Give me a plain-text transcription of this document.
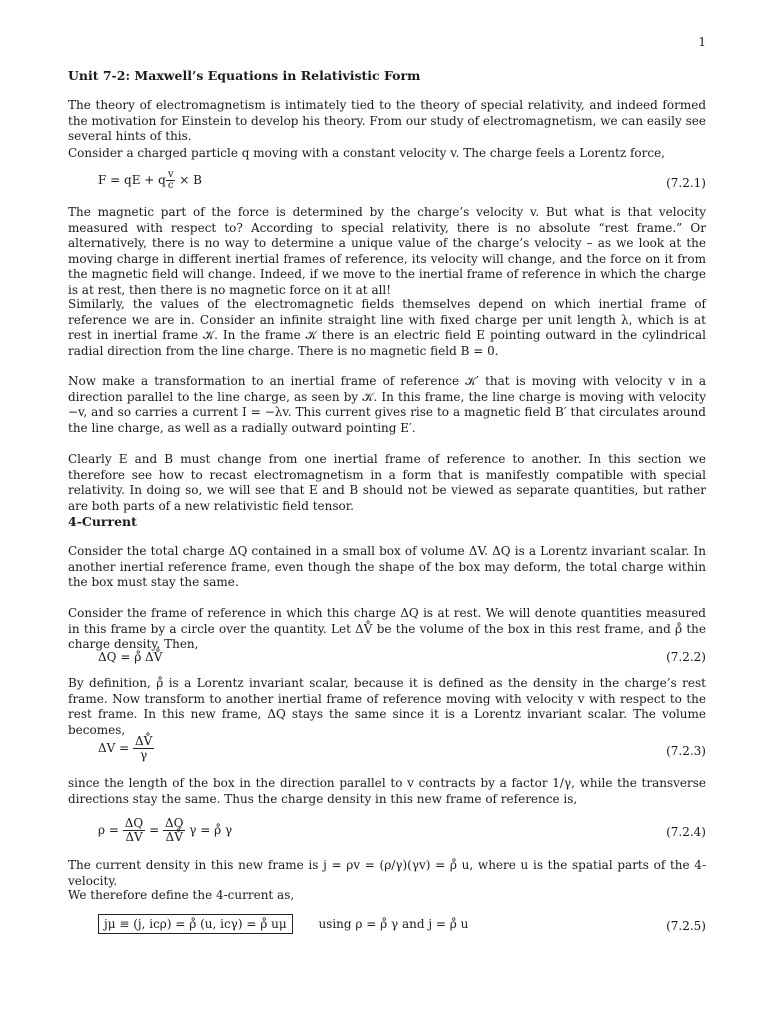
1
Unit 7-2: Maxwell’s Equations in Relativistic Form
The theory of electromagnetism is intimately tied to the theory of special relativity, and indeed formed the motivation for Einstein to develop his theory. From our study of electromagnetism, we can easily see several hints of this.
Consider a charged particle q moving with a constant velocity v. The charge feels a Lorentz force,
F = qE + q $\frac{v}{c} \times B$	(7.2.1)
The magnetic part of the force is determined by the charge’s velocity v. But what is that velocity measured with respect to? According to special relativity, there is no absolute “rest frame.” Or alternatively, there is no way to determine a unique value of the charge’s velocity – as we look at the moving charge in different inertial frames of reference, its velocity will change, and the force on it from the magnetic field will change. Indeed, if we move to the inertial frame of reference in which the charge is at rest, then there is no magnetic force on it at all!
Similarly, the values of the electromagnetic fields themselves depend on which inertial frame of reference we are in. Consider an infinite straight line with fixed charge per unit length λ, which is at rest in inertial frame 𝒦. In the frame 𝒦 there is an electric field E pointing outward in the cylindrical radial direction from the line charge. There is no magnetic field B = 0.
Now make a transformation to an inertial frame of reference 𝒦′ that is moving with velocity v in a direction parallel to the line charge, as seen by 𝒦. In this frame, the line charge is moving with velocity −v, and so carries a current I = −λv. This current gives rise to a magnetic field B′ that circulates around the line charge, as well as a radially outward pointing E′.
Clearly E and B must change from one inertial frame of reference to another. In this section we therefore see how to recast electromagnetism in a form that is manifestly compatible with special relativity. In doing so, we will see that E and B should not be viewed as separate quantities, but rather are both parts of a new relativistic field tensor.
4-Current
Consider the total charge ΔQ contained in a small box of volume ΔV. ΔQ is a Lorentz invariant scalar. In another inertial reference frame, even though the shape of the box may deform, the total charge within the box must stay the same.
Consider the frame of reference in which this charge ΔQ is at rest. We will denote quantities measured in this frame by a circle over the quantity. Let ΔV̊ be the volume of the box in this rest frame, and ρ̊ the charge density. Then,
ΔQ = ρ̊ ΔV̊	(7.2.2)
By definition, ρ̊ is a Lorentz invariant scalar, because it is defined as the density in the charge’s rest frame. Now transform to another inertial frame of reference moving with velocity v with respect to the rest frame. In this new frame, ΔQ stays the same since it is a Lorentz invariant scalar. The volume becomes,
$\Delta V = \frac{\Delta V̊}{\gamma}$	(7.2.3)
since the length of the box in the direction parallel to v contracts by a factor 1/γ, while the transverse directions stay the same. Thus the charge density in this new frame of reference is,
$\rho = \frac{\Delta Q}{\Delta V} = \frac{\Delta Q}{\Delta V̊}$ γ = ρ̊ γ	(7.2.4)
The current density in this new frame is j = ρv = (ρ/γ)(γv) = ρ̊ u, where u is the spatial parts of the 4-velocity.
We therefore define the 4-current as,
jμ ≡ (j, icρ) = ρ̊ (u, icγ) = ρ̊ uμ	using ρ = ρ̊ γ and j = ρ̊ u	(7.2.5)
